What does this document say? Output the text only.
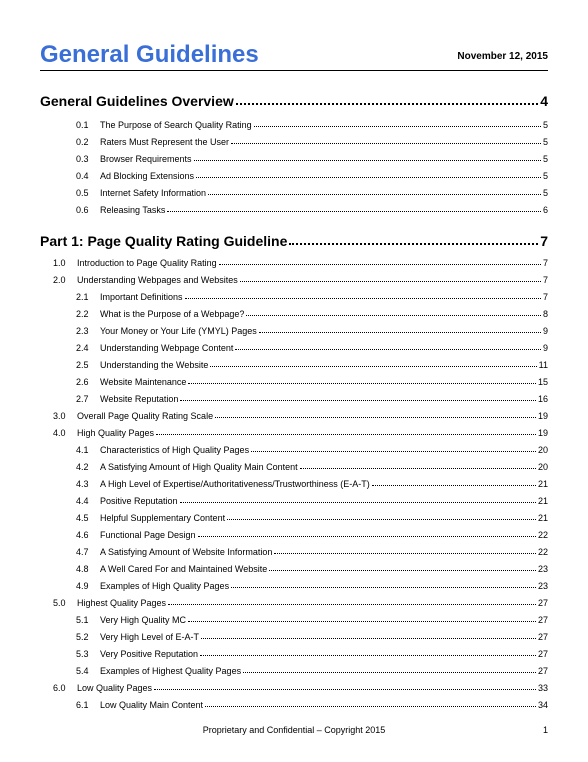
General Guidelines	November 12, 2015
General Guidelines Overview	4
0.1	The Purpose of Search Quality Rating	5
0.2	Raters Must Represent the User	5
0.3	Browser Requirements	5
0.4	Ad Blocking Extensions	5
0.5	Internet Safety Information	5
0.6	Releasing Tasks	6
Part 1: Page Quality Rating Guideline	7
1.0	Introduction to Page Quality Rating	7
2.0	Understanding Webpages and Websites	7
2.1	Important Definitions	7
2.2	What is the Purpose of a Webpage?	8
2.3	Your Money or Your Life (YMYL) Pages	9
2.4	Understanding Webpage Content	9
2.5	Understanding the Website	11
2.6	Website Maintenance	15
2.7	Website Reputation	16
3.0	Overall Page Quality Rating Scale	19
4.0	High Quality Pages	19
4.1	Characteristics of High Quality Pages	20
4.2	A Satisfying Amount of High Quality Main Content	20
4.3	A High Level of Expertise/Authoritativeness/Trustworthiness (E-A-T)	21
4.4	Positive Reputation	21
4.5	Helpful Supplementary Content	21
4.6	Functional Page Design	22
4.7	A Satisfying Amount of Website Information	22
4.8	A Well Cared For and Maintained Website	23
4.9	Examples of High Quality Pages	23
5.0	Highest Quality Pages	27
5.1	Very High Quality MC	27
5.2	Very High Level of E-A-T	27
5.3	Very Positive Reputation	27
5.4	Examples of Highest Quality Pages	27
6.0	Low Quality Pages	33
6.1	Low Quality Main Content	34
Proprietary and Confidential – Copyright 2015	1
